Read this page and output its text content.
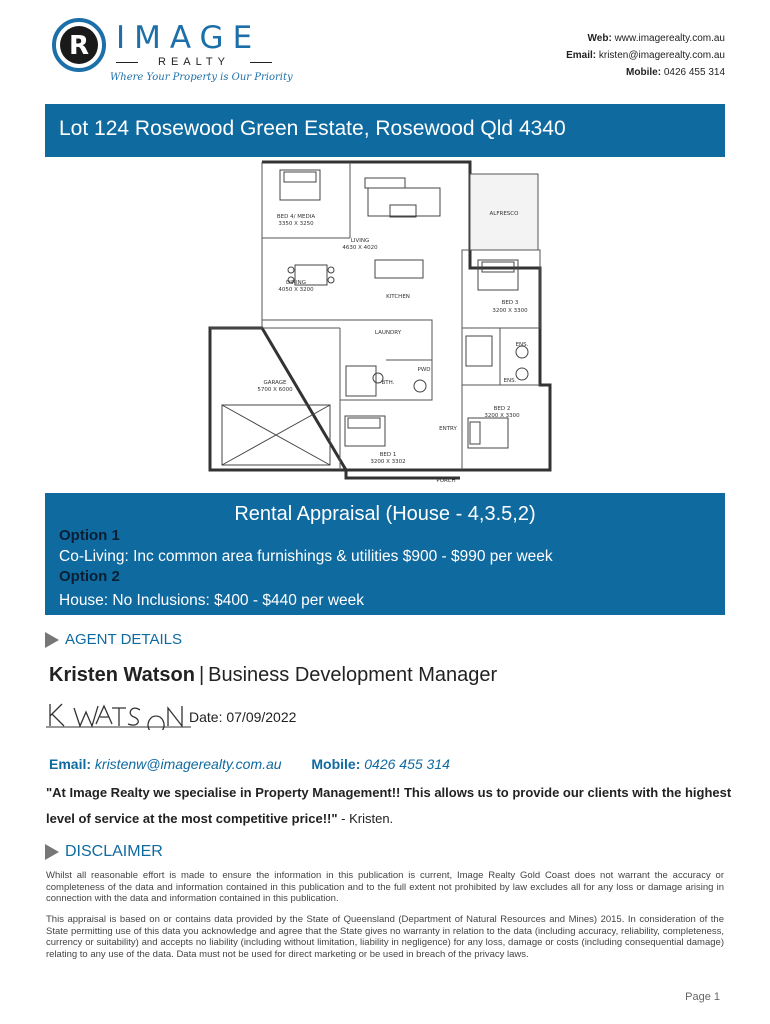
R IMAGE
REALTY
Where Your Property is Our Priority
Web: www.imagerealty.com.au
Email: kristen@imagerealty.com.au
Mobile: 0426 455 314
Lot 124 Rosewood Green Estate, Rosewood Qld 4340
BED 4/ MEDIA
3350 X 3250
LIVING
4630 X 4020
ALFRESCO
DINING
4050 X 3200
KITCHEN
BED 3
3200 X 3300
LAUNDRY
ENS.
GARAGE
5700 X 6000
PWD
ENS.
BTH.
BED 2
3200 X 3300
ENTRY
BED 1
3200 X 3302
PORCH
Rental Appraisal (House - 4,3.5,2)
Option 1
Co-Living: Inc common area furnishings & utilities $900 - $990 per week
Option 2
House: No Inclusions: $400 - $440 per week
AGENT DETAILS
Kristen Watson | Business Development Manager
Date: 07/09/2022
Email: kristenw@imagerealty.com.au Mobile: 0426 455 314
"At Image Realty we specialise in Property Management!! This allows us to provide our clients with the highest level of service at the most competitive price!!" - Kristen.
DISCLAIMER
Whilst all reasonable effort is made to ensure the information in this publication is current, Image Realty Gold Coast does not warrant the accuracy or completeness of the data and information contained in this publication and to the full extent not prohibited by law excludes all for any loss or damage arising in connection with the data and information contained in this publication.
This appraisal is based on or contains data provided by the State of Queensland (Department of Natural Resources and Mines) 2015. In consideration of the State permitting use of this data you acknowledge and agree that the State gives no warranty in relation to the data (including accuracy, reliability, completeness, currency or suitability) and accepts no liability (including without limitation, liability in negligence) for any loss, damage or costs (including consequential damage) relating to any use of the data. Data must not be used for direct marketing or be used in breach of the privacy laws.
Page 1
